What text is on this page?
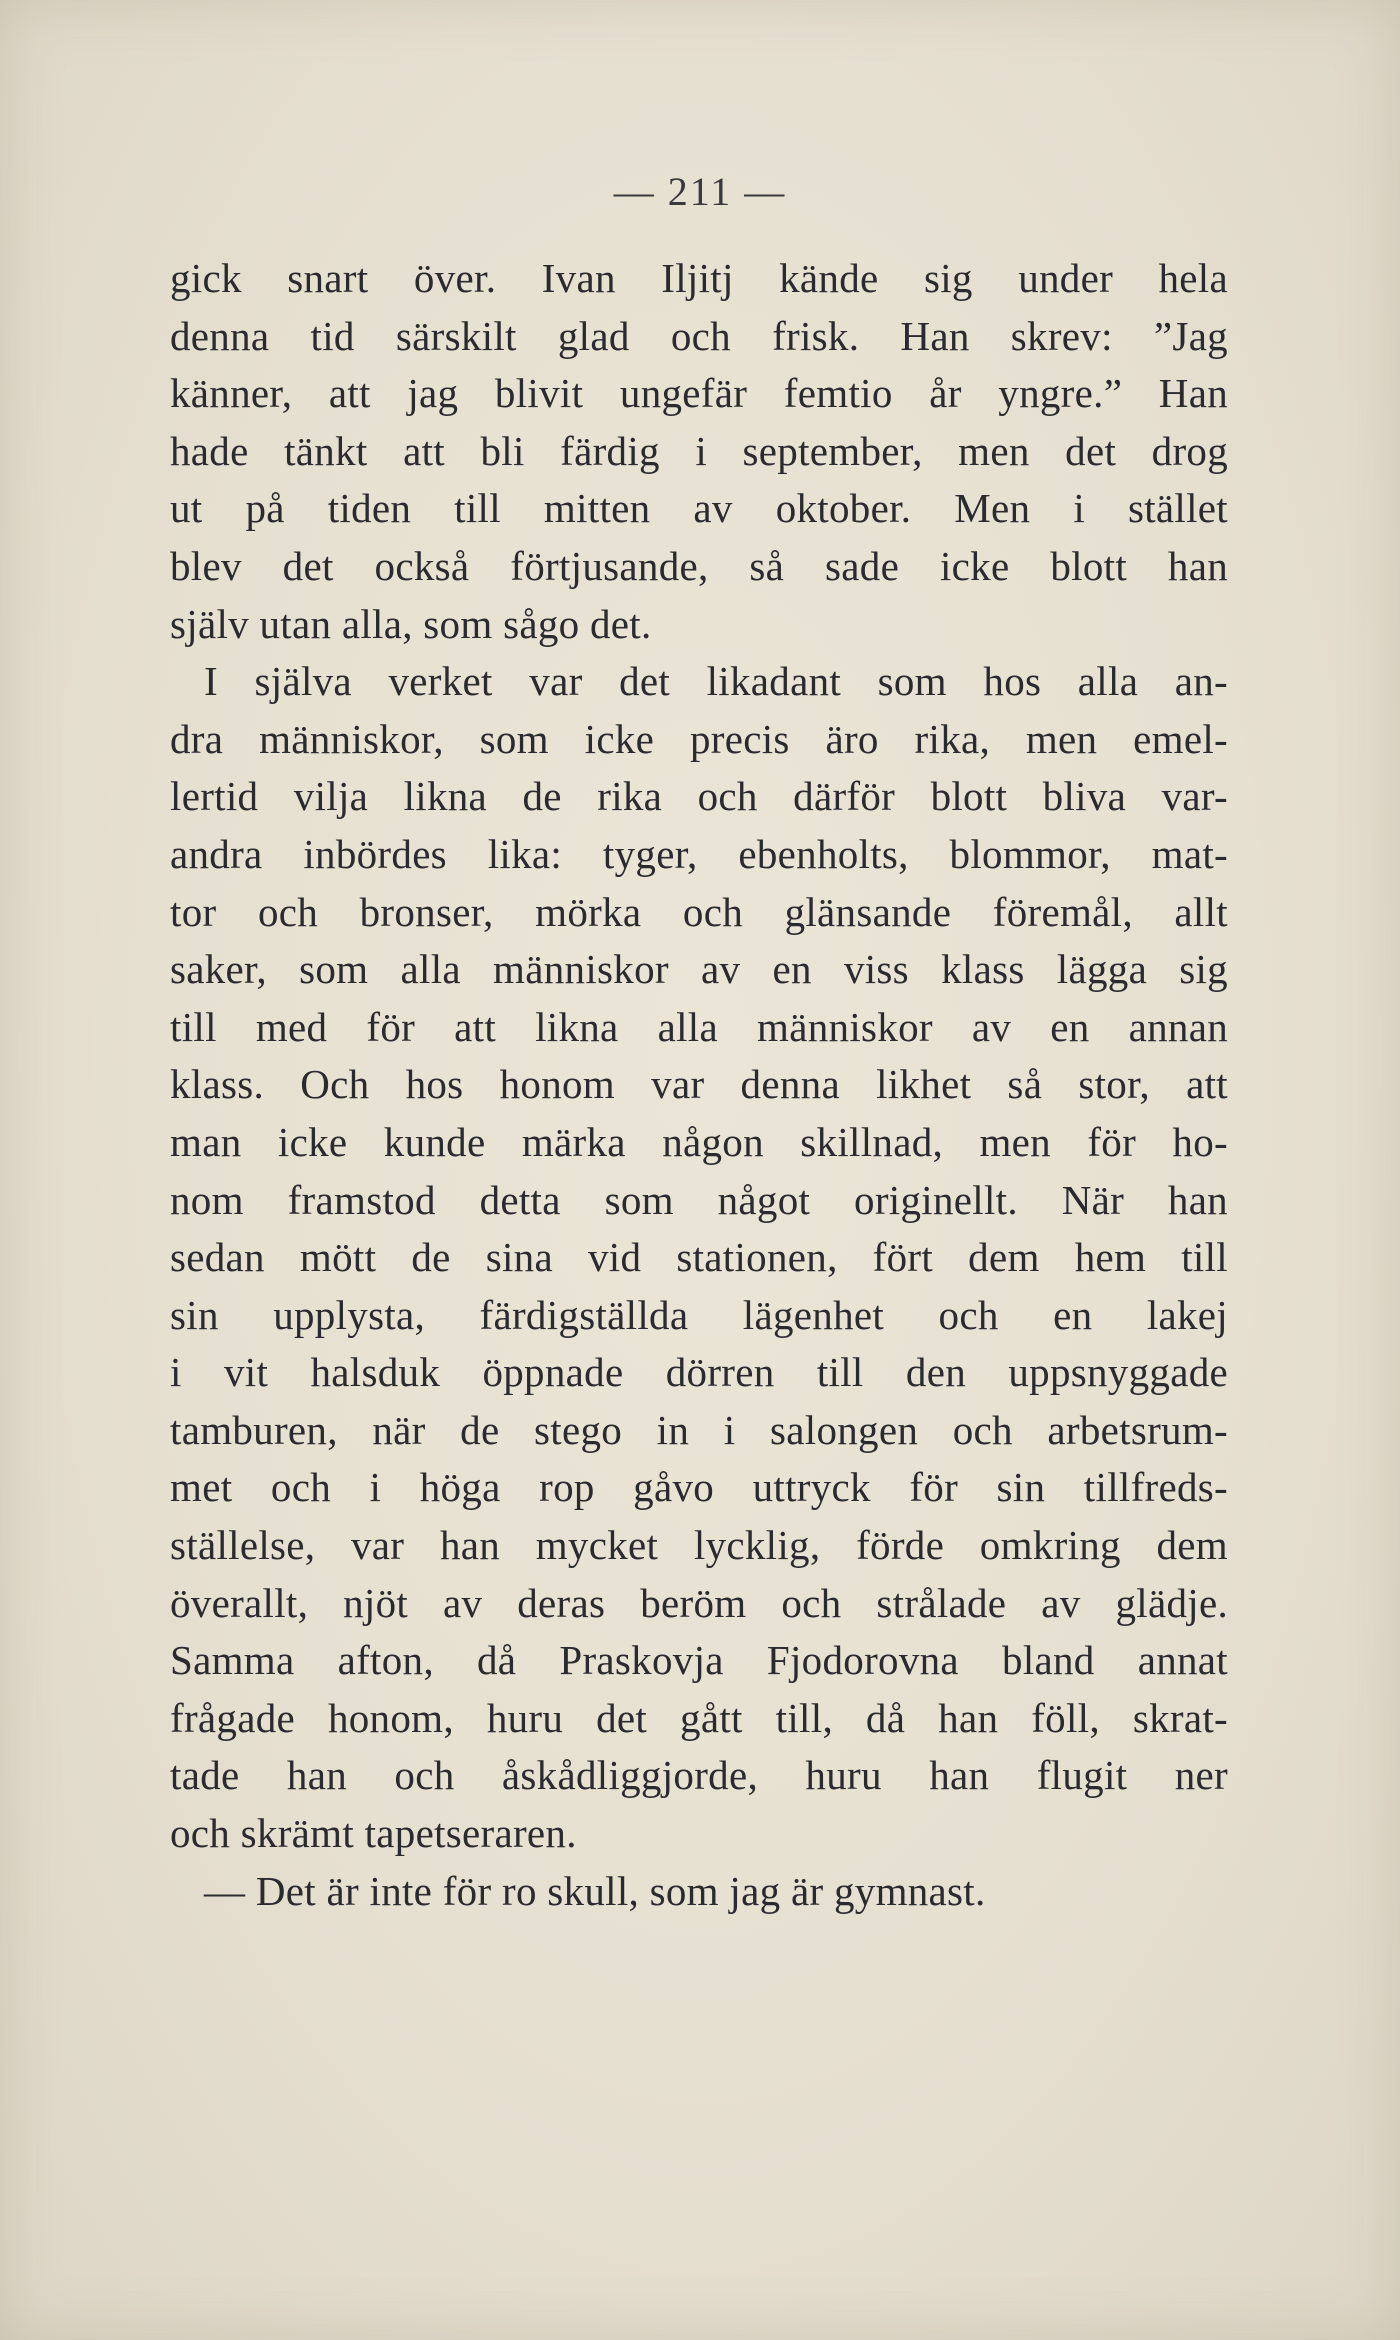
— 211 —
gick snart över. Ivan Iljitj kände sig under hela
denna tid särskilt glad och frisk. Han skrev: ”Jag
känner, att jag blivit ungefär femtio år yngre.” Han
hade tänkt att bli färdig i september, men det drog
ut på tiden till mitten av oktober. Men i stället
blev det också förtjusande, så sade icke blott han
själv utan alla, som sågo det.
I själva verket var det likadant som hos alla an-
dra människor, som icke precis äro rika, men emel-
lertid vilja likna de rika och därför blott bliva var-
andra inbördes lika: tyger, ebenholts, blommor, mat-
tor och bronser, mörka och glänsande föremål, allt
saker, som alla människor av en viss klass lägga sig
till med för att likna alla människor av en annan
klass. Och hos honom var denna likhet så stor, att
man icke kunde märka någon skillnad, men för ho-
nom framstod detta som något originellt. När han
sedan mött de sina vid stationen, fört dem hem till
sin upplysta, färdigställda lägenhet och en lakej
i vit halsduk öppnade dörren till den uppsnyggade
tamburen, när de stego in i salongen och arbetsrum-
met och i höga rop gåvo uttryck för sin tillfreds-
ställelse, var han mycket lycklig, förde omkring dem
överallt, njöt av deras beröm och strålade av glädje.
Samma afton, då Praskovja Fjodorovna bland annat
frågade honom, huru det gått till, då han föll, skrat-
tade han och åskådliggjorde, huru han flugit ner
och skrämt tapetseraren.
— Det är inte för ro skull, som jag är gymnast.
